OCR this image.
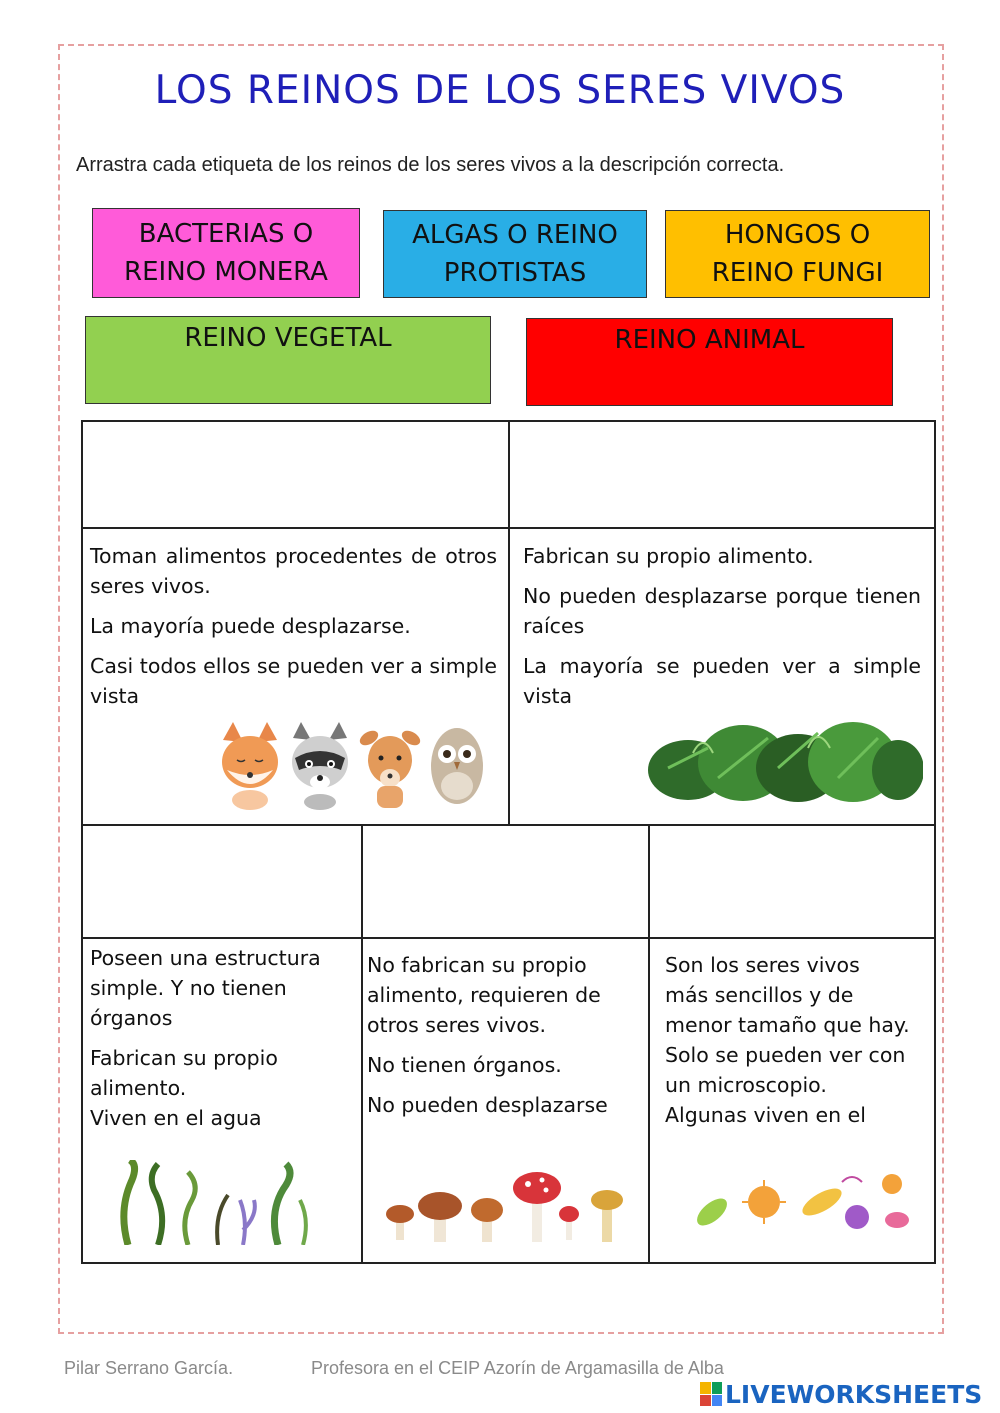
LOS REINOS DE LOS SERES VIVOS
Arrastra cada etiqueta de los reinos de los seres vivos a la descripción correcta.
BACTERIAS O
REINO MONERA
ALGAS O REINO
PROTISTAS
HONGOS O
REINO FUNGI
REINO VEGETAL	REINO ANIMAL

Toman alimentos procedentes de otros seres vivos.

La mayoría puede desplazarse.

Casi todos ellos se pueden ver a simple vista

Fabrican su propio alimento.

No pueden desplazarse porque tienen raíces

La mayoría se pueden ver a simple vista

Poseen una estructura
simple. Y no tienen
órganos
Fabrican su propio
alimento.
Viven en el agua
No fabrican su propio
alimento, requieren de
otros seres vivos.
No tienen órganos.
No pueden desplazarse
Son los seres vivos
más sencillos y de
menor tamaño que hay.
Solo se pueden ver con
un microscopio.
Algunas viven en el
Pilar Serrano García.	Profesora en el CEIP Azorín de Argamasilla de Alba
LIVEWORKSHEETS
